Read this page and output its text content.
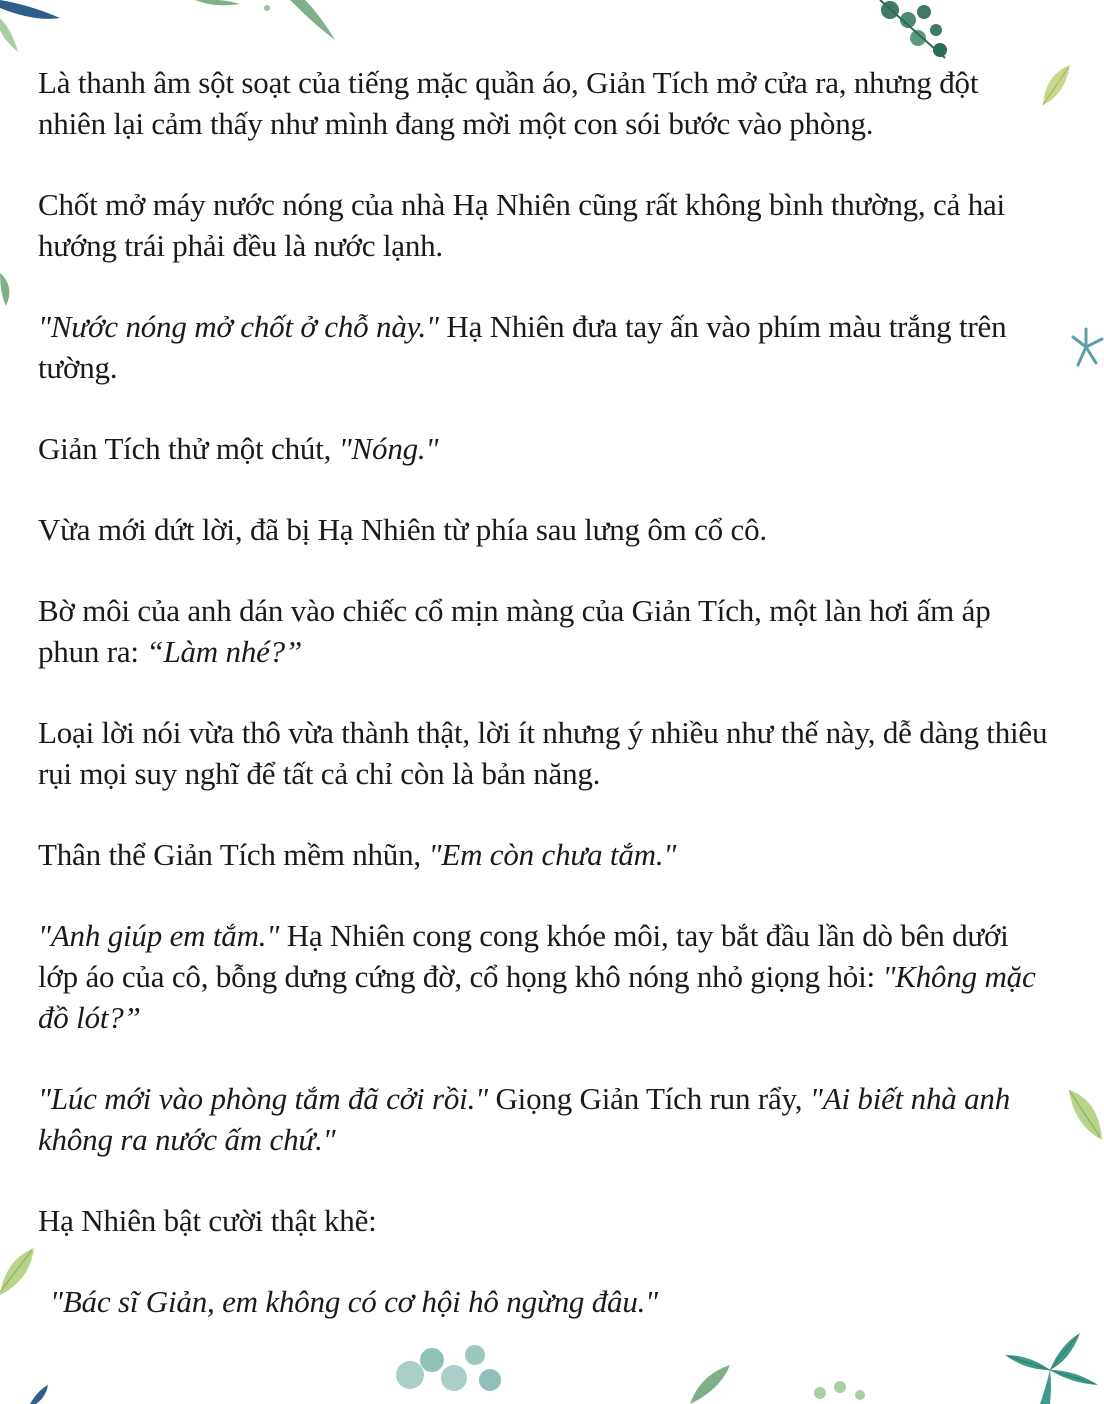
Là thanh âm sột soạt của tiếng mặc quần áo, Giản Tích mở cửa ra, nhưng đột nhiên lại cảm thấy như mình đang mời một con sói bước vào phòng.

Chốt mở máy nước nóng của nhà Hạ Nhiên cũng rất không bình thường, cả hai hướng trái phải đều là nước lạnh.

"Nước nóng mở chốt ở chỗ này." Hạ Nhiên đưa tay ấn vào phím màu trắng trên tường.

Giản Tích thử một chút, "Nóng."

Vừa mới dứt lời, đã bị Hạ Nhiên từ phía sau lưng ôm cổ cô.

Bờ môi của anh dán vào chiếc cổ mịn màng của Giản Tích, một làn hơi ấm áp phun ra: “Làm nhé?”

Loại lời nói vừa thô vừa thành thật, lời ít nhưng ý nhiều như thế này, dễ dàng thiêu rụi mọi suy nghĩ để tất cả chỉ còn là bản năng.

Thân thể Giản Tích mềm nhũn, "Em còn chưa tắm."

"Anh giúp em tắm." Hạ Nhiên cong cong khóe môi, tay bắt đầu lần dò bên dưới lớp áo của cô, bỗng dưng cứng đờ, cổ họng khô nóng nhỏ giọng hỏi: "Không mặc đồ lót?”

"Lúc mới vào phòng tắm đã cởi rồi." Giọng Giản Tích run rẩy, "Ai biết nhà anh không ra nước ấm chứ."

Hạ Nhiên bật cười thật khẽ:

"Bác sĩ Giản, em không có cơ hội hô ngừng đâu."
